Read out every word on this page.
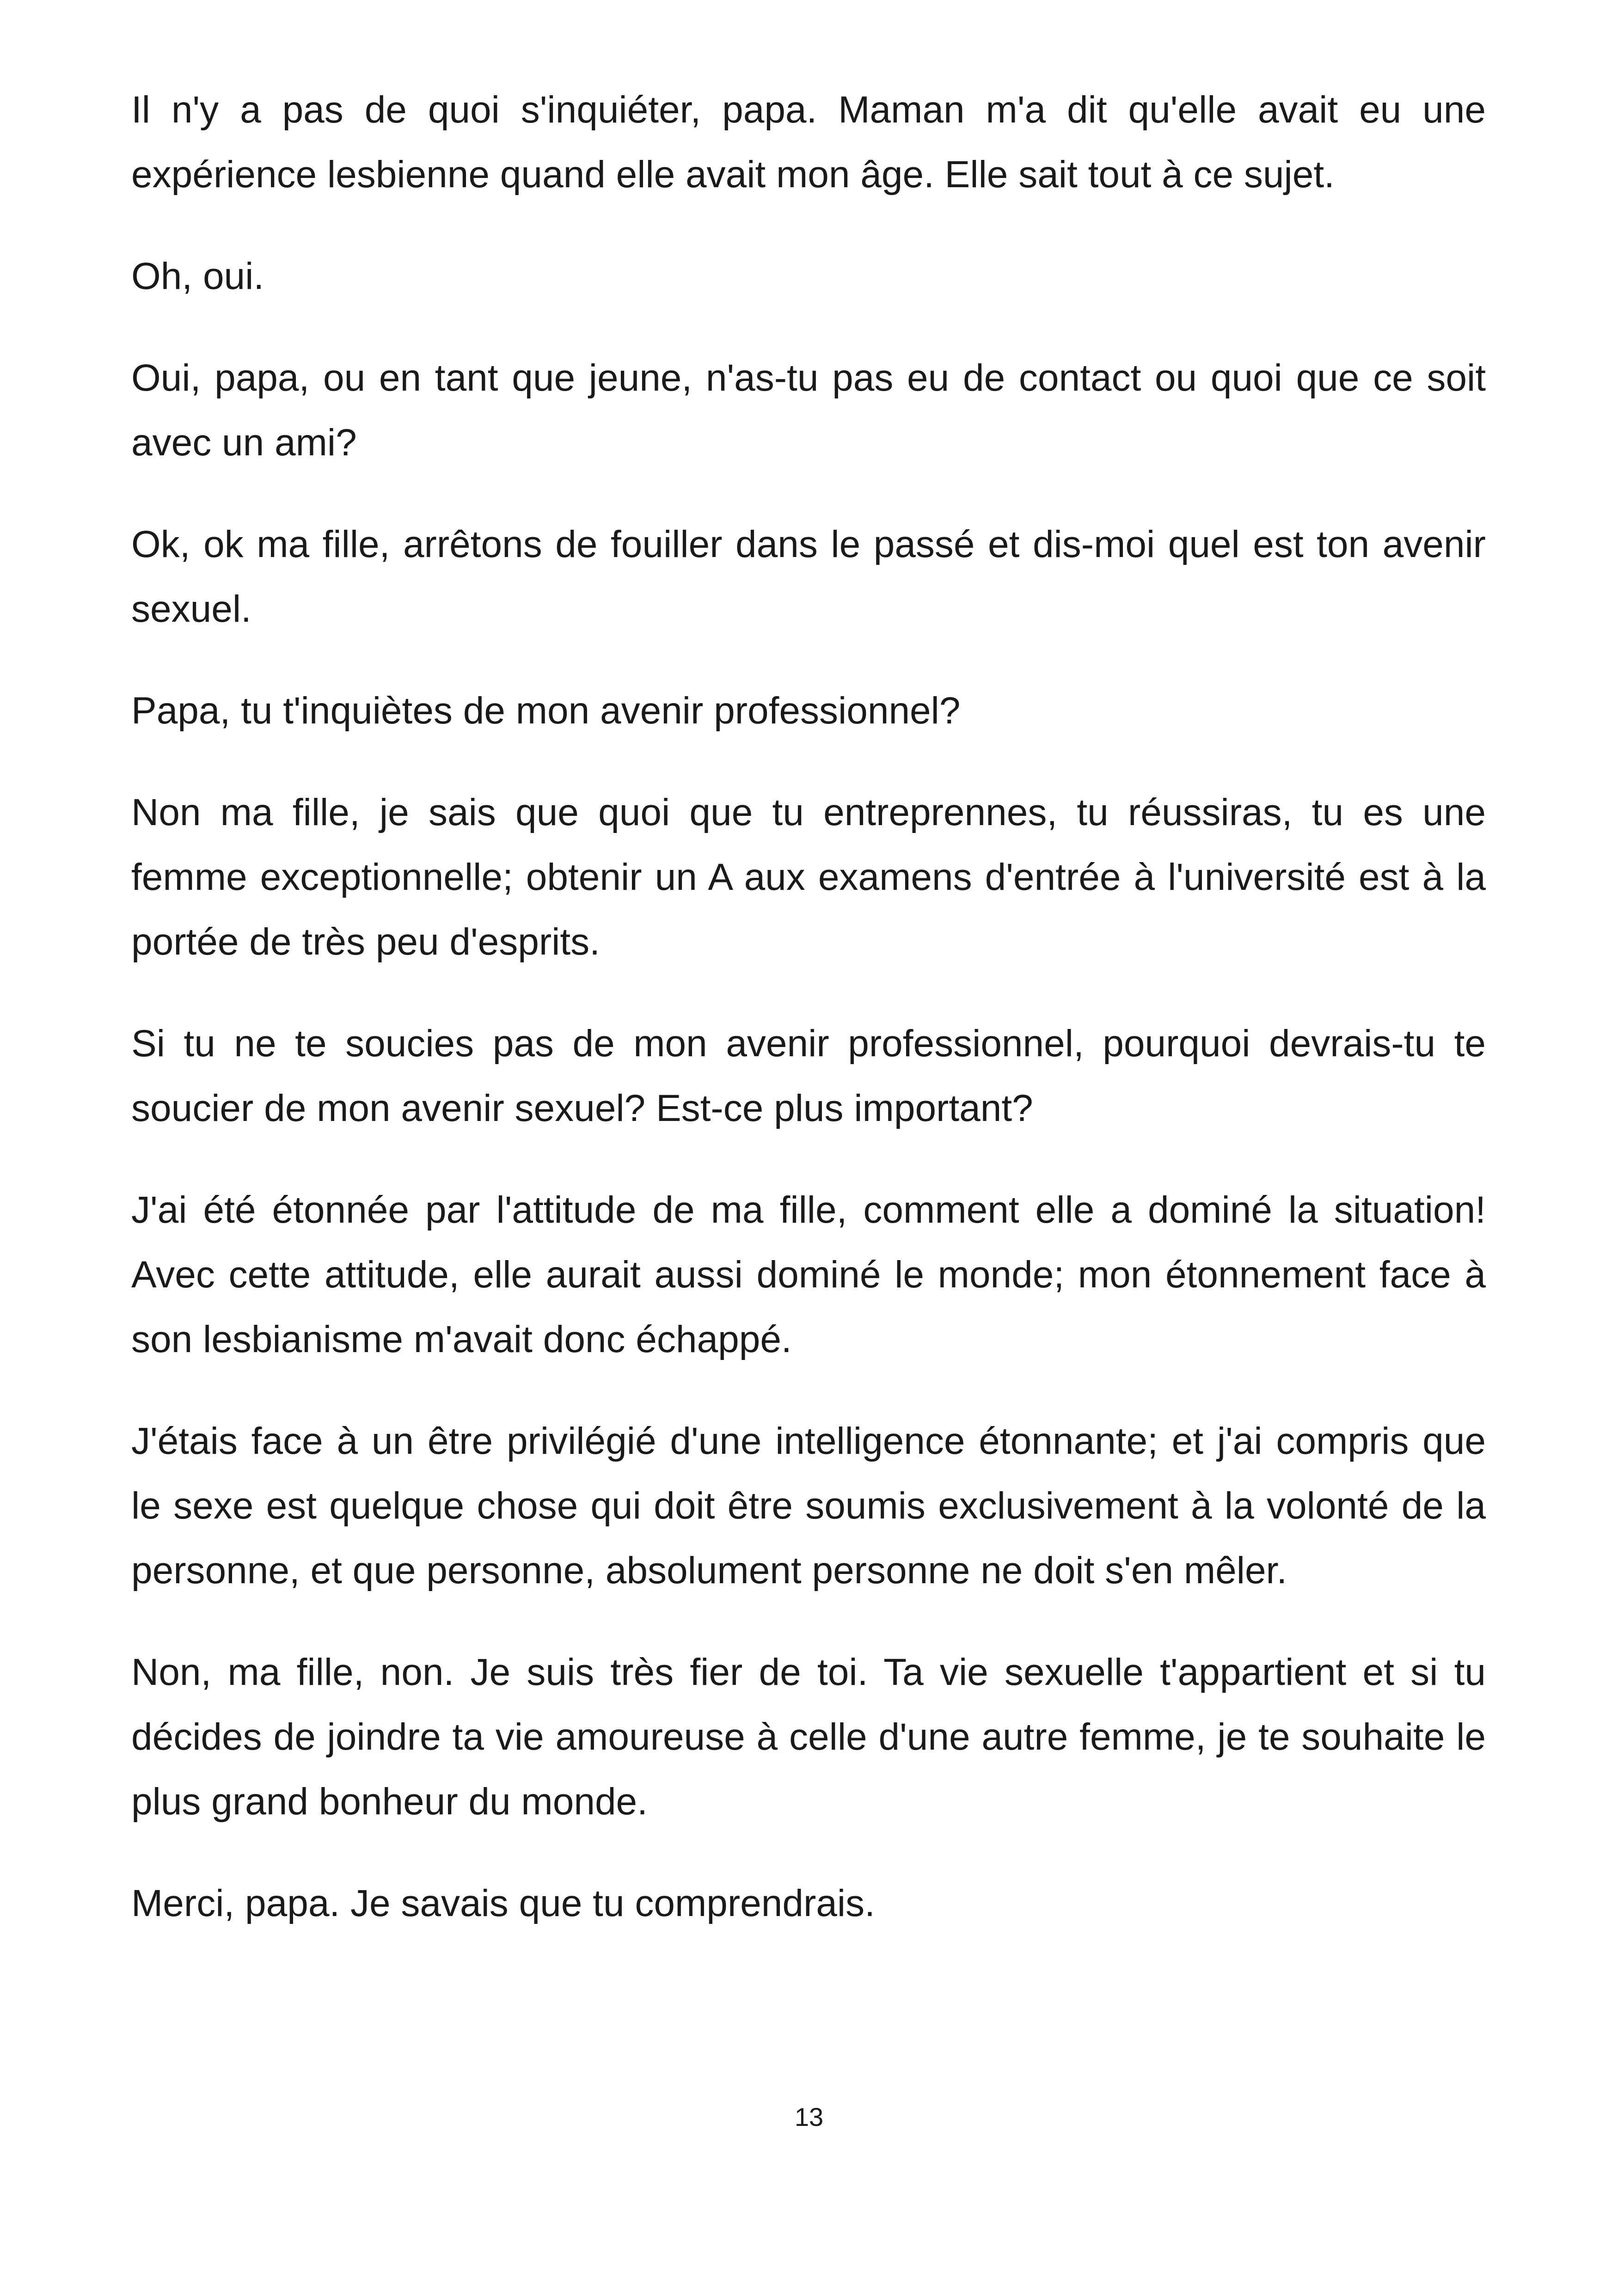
Il n'y a pas de quoi s'inquiéter, papa. Maman m'a dit qu'elle avait eu une expérience lesbienne quand elle avait mon âge. Elle sait tout à ce sujet.

Oh, oui.

Oui, papa, ou en tant que jeune, n'as-tu pas eu de contact ou quoi que ce soit avec un ami?

Ok, ok ma fille, arrêtons de fouiller dans le passé et dis-moi quel est ton avenir sexuel.

Papa, tu t'inquiètes de mon avenir professionnel?

Non ma fille, je sais que quoi que tu entreprennes, tu réussiras, tu es une femme exceptionnelle; obtenir un A aux examens d'entrée à l'université est à la portée de très peu d'esprits.

Si tu ne te soucies pas de mon avenir professionnel, pourquoi devrais-tu te soucier de mon avenir sexuel? Est-ce plus important?

J'ai été étonnée par l'attitude de ma fille, comment elle a dominé la situation! Avec cette attitude, elle aurait aussi dominé le monde; mon étonnement face à son lesbianisme m'avait donc échappé.

J'étais face à un être privilégié d'une intelligence étonnante; et j'ai compris que le sexe est quelque chose qui doit être soumis exclusivement à la volonté de la personne, et que personne, absolument personne ne doit s'en mêler.

Non, ma fille, non. Je suis très fier de toi. Ta vie sexuelle t'appartient et si tu décides de joindre ta vie amoureuse à celle d'une autre femme, je te souhaite le plus grand bonheur du monde.

Merci, papa. Je savais que tu comprendrais.

13
